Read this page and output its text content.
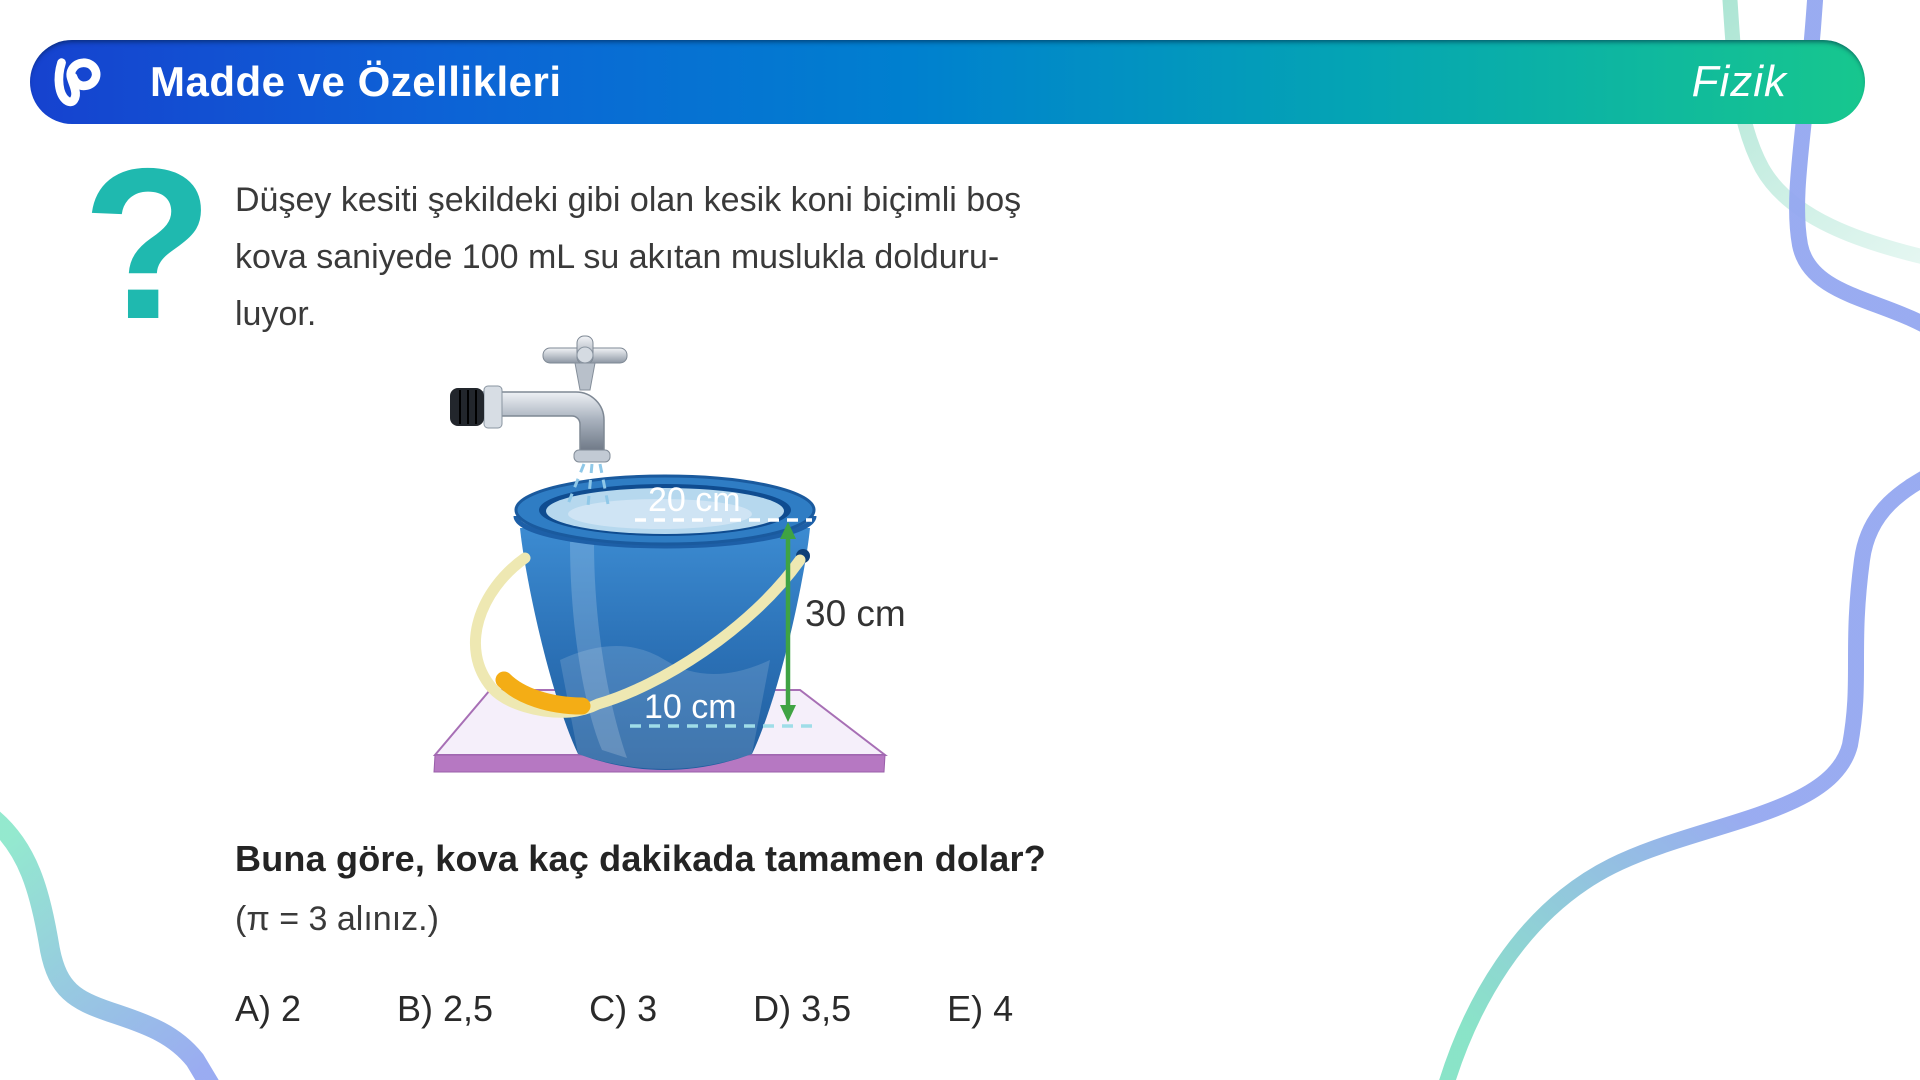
Madde ve Özellikleri	Fizik
? Düşey kesiti şekildeki gibi olan kesik koni biçimli boş
kova saniyede 100 mL su akıtan muslukla dolduru-
luyor.
20 cm
10 cm
30 cm
Buna göre, kova kaç dakikada tamamen dolar?
(π = 3 alınız.)
A) 2	B) 2,5	C) 3	D) 3,5	E) 4
